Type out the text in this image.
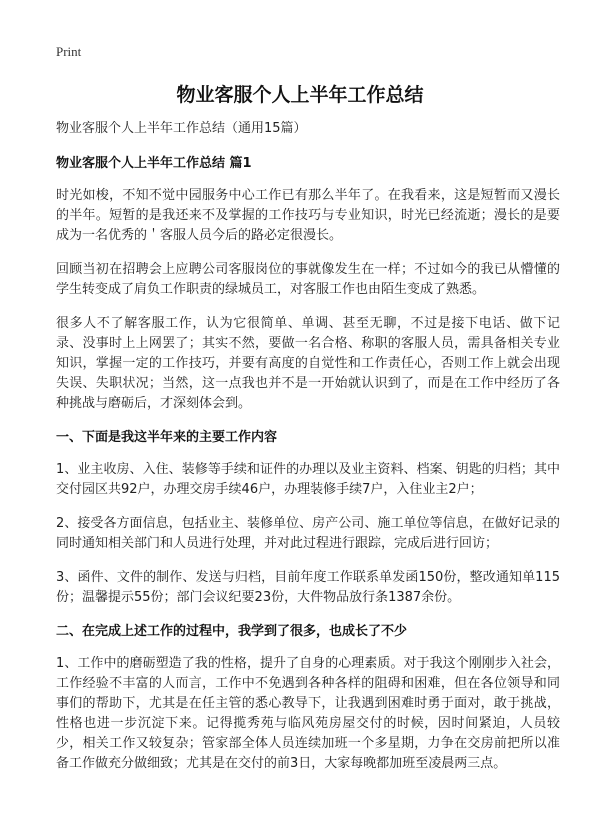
Print
物业客服个人上半年工作总结

物业客服个人上半年工作总结（通用15篇）

物业客服个人上半年工作总结 篇1

时光如梭，不知不觉中园服务中心工作已有那么半年了。在我看来，这是短暂而又漫长的半年。短暂的是我还来不及掌握的工作技巧与专业知识，时光已经流逝；漫长的是要成为一名优秀的＇客服人员今后的路必定很漫长。

回顾当初在招聘会上应聘公司客服岗位的事就像发生在一样；不过如今的我已从懵懂的学生转变成了肩负工作职责的绿城员工，对客服工作也由陌生变成了熟悉。

很多人不了解客服工作，认为它很简单、单调、甚至无聊，不过是接下电话、做下记录、没事时上上网罢了；其实不然，要做一名合格、称职的客服人员，需具备相关专业知识，掌握一定的工作技巧，并要有高度的自觉性和工作责任心，否则工作上就会出现失误、失职状况；当然，这一点我也并不是一开始就认识到了，而是在工作中经历了各种挑战与磨砺后，才深刻体会到。

一、下面是我这半年来的主要工作内容

1、业主收房、入住、装修等手续和证件的办理以及业主资料、档案、钥匙的归档；其中交付园区共92户，办理交房手续46户，办理装修手续7户，入住业主2户；

2、接受各方面信息，包括业主、装修单位、房产公司、施工单位等信息，在做好记录的同时通知相关部门和人员进行处理，并对此过程进行跟踪，完成后进行回访；

3、函件、文件的制作、发送与归档，目前年度工作联系单发函150份，整改通知单115份；温馨提示55份；部门会议纪要23份，大件物品放行条1387余份。

二、在完成上述工作的过程中，我学到了很多，也成长了不少

1、工作中的磨砺塑造了我的性格，提升了自身的心理素质。对于我这个刚刚步入社会，工作经验不丰富的人而言，工作中不免遇到各种各样的阻碍和困难，但在各位领导和同事们的帮助下，尤其是在任主管的悉心教导下，让我遇到困难时勇于面对，敢于挑战，性格也进一步沉淀下来。记得揽秀苑与临风苑房屋交付的时候，因时间紧迫，人员较少，相关工作又较复杂；管家部全体人员连续加班一个多星期，力争在交房前把所以准备工作做充分做细致；尤其是在交付的前3日，大家每晚都加班至凌晨两三点。
